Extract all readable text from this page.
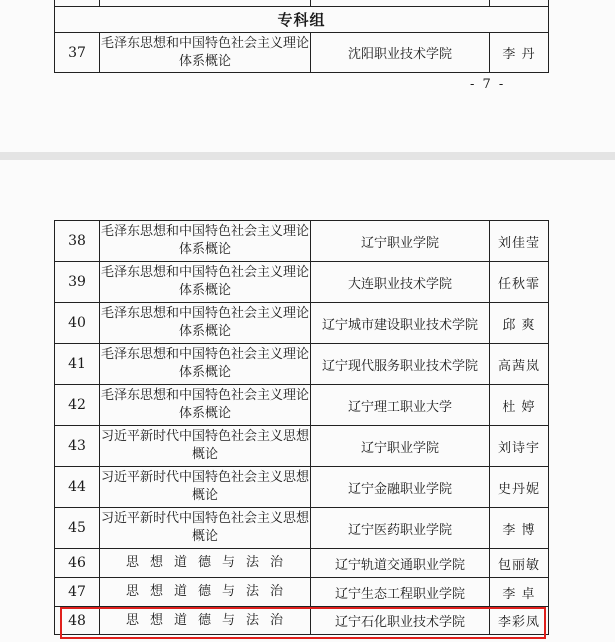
专科组			
37	毛泽东思想和中国特色社会主义理论体系概论	沈阳职业技术学院	李 丹
- 7 -
38	毛泽东思想和中国特色社会主义理论体系概论	辽宁职业学院	刘佳莹
39	毛泽东思想和中国特色社会主义理论体系概论	大连职业技术学院	任秋霏
40	毛泽东思想和中国特色社会主义理论体系概论	辽宁城市建设职业技术学院	邱 爽
41	毛泽东思想和中国特色社会主义理论体系概论	辽宁现代服务职业技术学院	高茜岚
42	毛泽东思想和中国特色社会主义理论体系概论	辽宁理工职业大学	杜 婷
43	习近平新时代中国特色社会主义思想概论	辽宁职业学院	刘诗宇
44	习近平新时代中国特色社会主义思想概论	辽宁金融职业学院	史丹妮
45	习近平新时代中国特色社会主义思想概论	辽宁医药职业学院	李 博
46	思想道德与法治	辽宁轨道交通职业学院	包丽敏
47	思想道德与法治	辽宁生态工程职业学院	李 卓
48	思想道德与法治	辽宁石化职业技术学院	李彩凤
